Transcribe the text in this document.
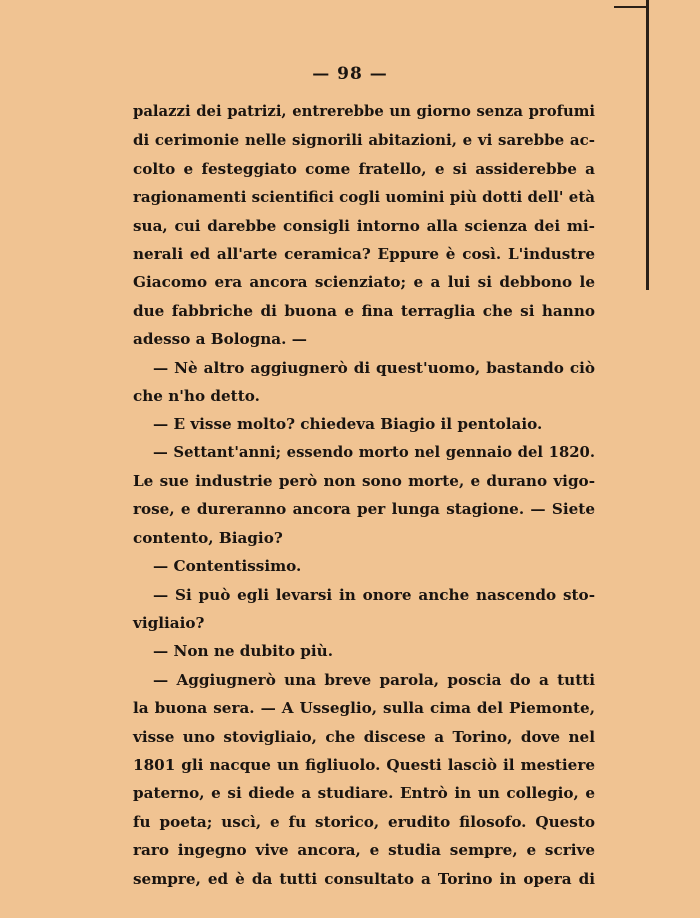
— 98 —
palazzi dei patrizi, entrerebbe un giorno senza profumi
di cerimonie nelle signorili abitazioni, e vi sarebbe ac-
colto e festeggiato come fratello, e si assiderebbe a
ragionamenti scientifici cogli uomini più dotti dell' età
sua, cui darebbe consigli intorno alla scienza dei mi-
nerali ed all'arte ceramica? Eppure è così. L'industre
Giacomo era ancora scienziato; e a lui si debbono le
due fabbriche di buona e fina terraglia che si hanno
adesso a Bologna. —
— Nè altro aggiugnerò di quest'uomo, bastando ciò
che n'ho detto.
— E visse molto? chiedeva Biagio il pentolaio.
— Settant'anni; essendo morto nel gennaio del 1820.
Le sue industrie però non sono morte, e durano vigo-
rose, e dureranno ancora per lunga stagione. — Siete
contento, Biagio?
— Contentissimo.
— Si può egli levarsi in onore anche nascendo sto-
vigliaio?
— Non ne dubito più.
— Aggiugnerò una breve parola, poscia do a tutti
la buona sera. — A Usseglio, sulla cima del Piemonte,
visse uno stovigliaio, che discese a Torino, dove nel
1801 gli nacque un figliuolo. Questi lasciò il mestiere
paterno, e si diede a studiare. Entrò in un collegio, e
fu poeta; uscì, e fu storico, erudito filosofo. Questo
raro ingegno vive ancora, e studia sempre, e scrive
sempre, ed è da tutti consultato a Torino in opera di
